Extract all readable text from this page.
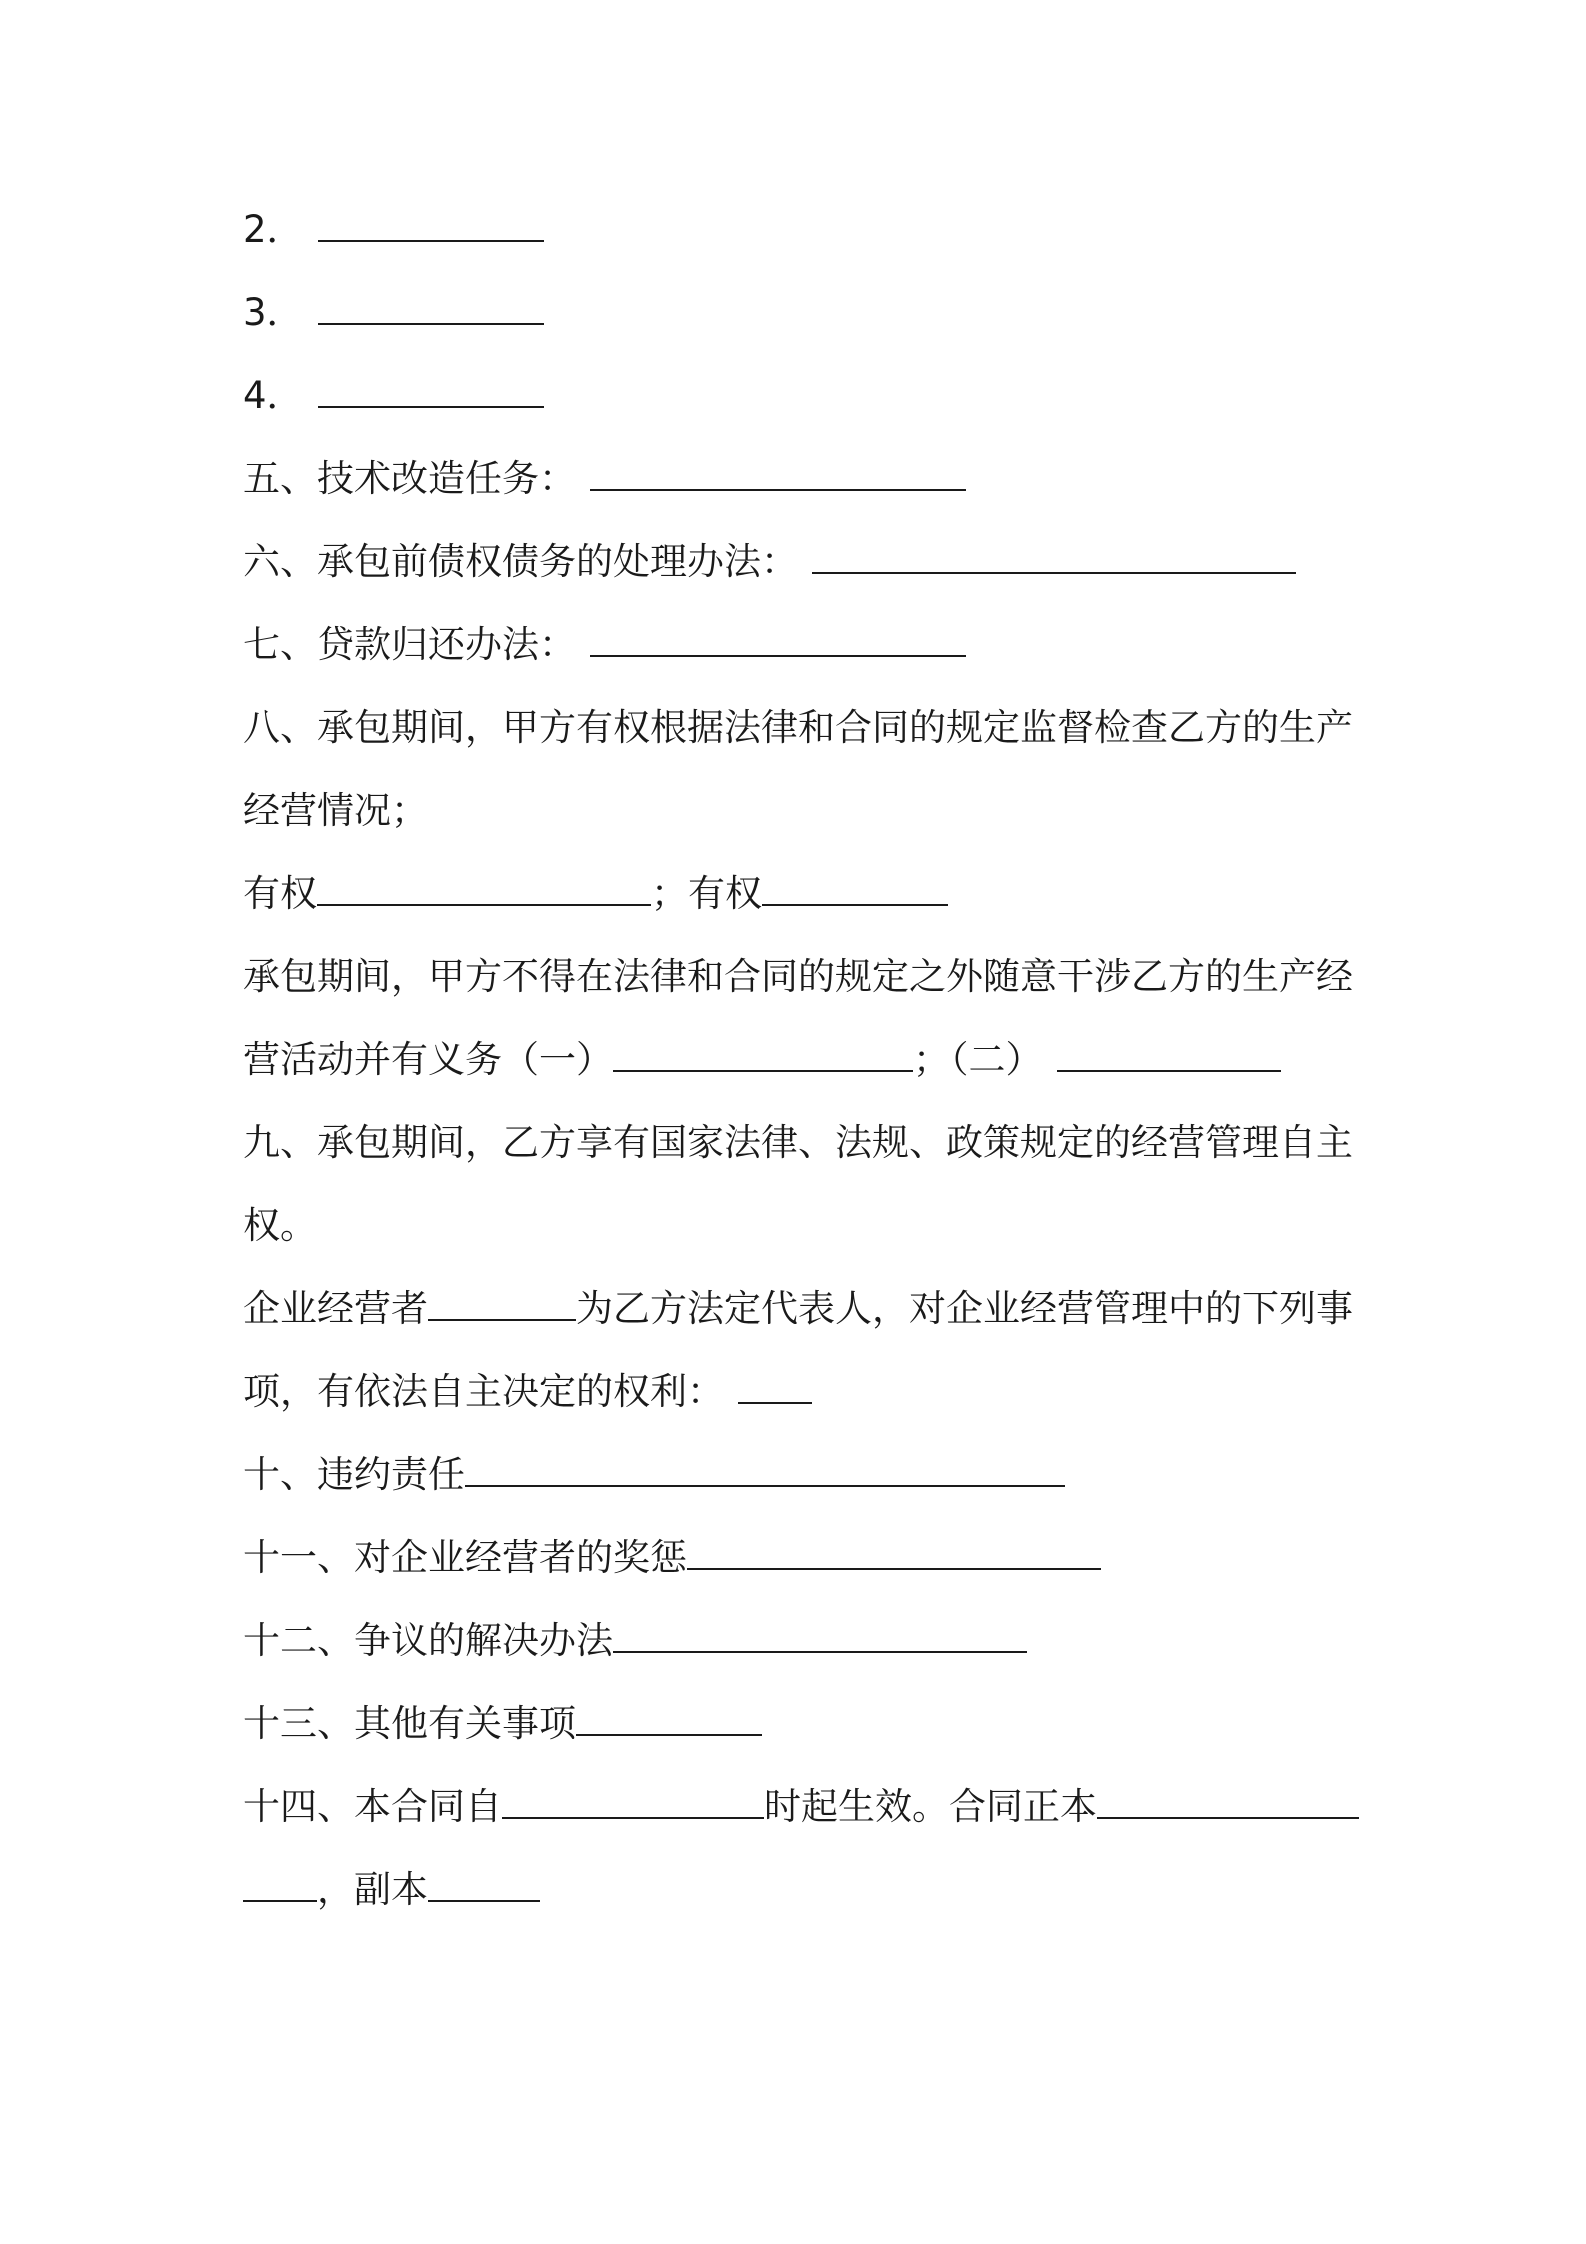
2．
3．
4．
五、技术改造任务：
六、承包前债权债务的处理办法：
七、贷款归还办法：
八、承包期间，甲方有权根据法律和合同的规定监督检查乙方的生产
经营情况；
有权	；有权
承包期间，甲方不得在法律和合同的规定之外随意干涉乙方的生产经
营活动并有义务（一）	；（二）
九、承包期间，乙方享有国家法律、法规、政策规定的经营管理自主
权。
企业经营者	为乙方法定代表人，对企业经营管理中的下列事
项，有依法自主决定的权利：
十、违约责任
十一、对企业经营者的奖惩
十二、争议的解决办法
十三、其他有关事项
十四、本合同自	时起生效。合同正本
，副本
